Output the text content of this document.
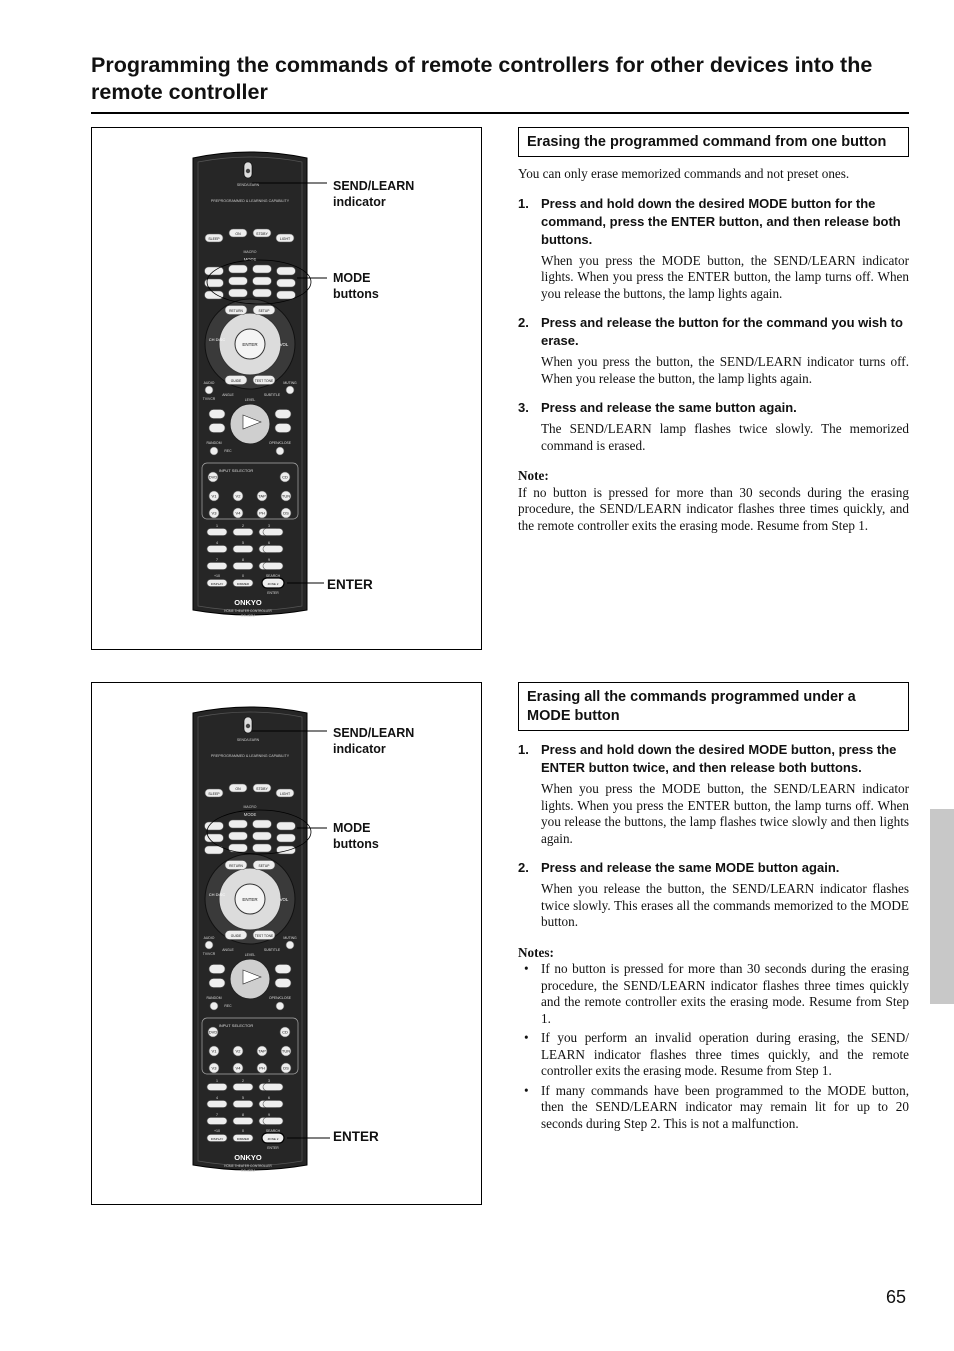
Programming the commands of remote controllers for other devices into the remote controller
SEND/LEARN
PREPROGRAMMED & LEARNING CAPABILITY
SLEEP
ON	STDBY
LIGHT
MACRO
MODE
ENTER
CH DISC
VOL
RETURN	SETUP
GUIDE	TEST TONE
AUDIO	MUTING
TV/VCR
ANGLE	SUBTITLE
LEVEL
RANDOM	OPEN/CLOSE
REC
INPUT SELECTOR
DVD	CD
V1	V2	TAP	TUN
V3	V4	PH	DS
1	2	3
4	5	6
7	8	9
+10	0	SEARCH
DISPLAY	DIMMER	ZONE 2
ENTER
ONKYO
HOME THEATER CONTROLLER
RC-492M
SEND/LEARN
indicator
MODE
buttons
ENTER
Erasing the programmed command from one button

You can only erase memorized commands and not preset ones.

1. Press and hold down the desired MODE button for the command, press the ENTER button, and then release both buttons.
When you press the MODE button, the SEND/LEARN indicator lights. When you press the ENTER button, the lamp turns off. When you release the buttons, the lamp lights again.
2. Press and release the button for the command you wish to erase.
When you press the button, the SEND/LEARN indicator turns off. When you release the button, the lamp lights again.
3. Press and release the same button again.
The SEND/LEARN lamp flashes twice slowly. The memorized command is erased.
Note:
If no button is pressed for more than 30 seconds during the erasing procedure, the SEND/LEARN indicator flashes three times quickly, and the remote controller exits the erasing mode. Resume from Step 1.
SEND/LEARN
PREPROGRAMMED & LEARNING CAPABILITY
SLEEP
ON	STDBY
LIGHT
MACRO
MODE
ENTER
CH DISC
VOL
RETURN	SETUP
GUIDE	TEST TONE
AUDIO	MUTING
TV/VCR
ANGLE	SUBTITLE
LEVEL
RANDOM	OPEN/CLOSE
REC
INPUT SELECTOR
DVD	CD
V1	V2	TAP	TUN
V3	V4	PH	DS
1	2	3
4	5	6
7	8	9
+10	0	SEARCH
DISPLAY	DIMMER	ZONE 2
ENTER
ONKYO
HOME THEATER CONTROLLER
RC-492M
SEND/LEARN
indicator
MODE
buttons
ENTER
Erasing all the commands programmed under a MODE button
1. Press and hold down the desired MODE button, press the ENTER button twice, and then release both buttons.
When you press the MODE button, the SEND/LEARN indicator lights. When you press the ENTER button, the lamp turns off. When you release the buttons, the lamp flashes twice slowly and then lights again.
2. Press and release the same MODE button again.
When you release the button, the SEND/LEARN indicator flashes twice slowly. This erases all the commands memorized to the MODE button.
Notes:
• If no button is pressed for more than 30 seconds during the erasing procedure, the SEND/LEARN indicator flashes three times quickly and the remote controller exits the erasing mode. Resume from Step 1.
• If you perform an invalid operation during erasing, the SEND/ LEARN indicator flashes three times quickly, and the remote controller exits the erasing mode. Resume from Step 1.
• If many commands have been programmed to the MODE button, then the SEND/LEARN indicator may remain lit for up to 20 seconds during Step 2. This is not a malfunction.
65
